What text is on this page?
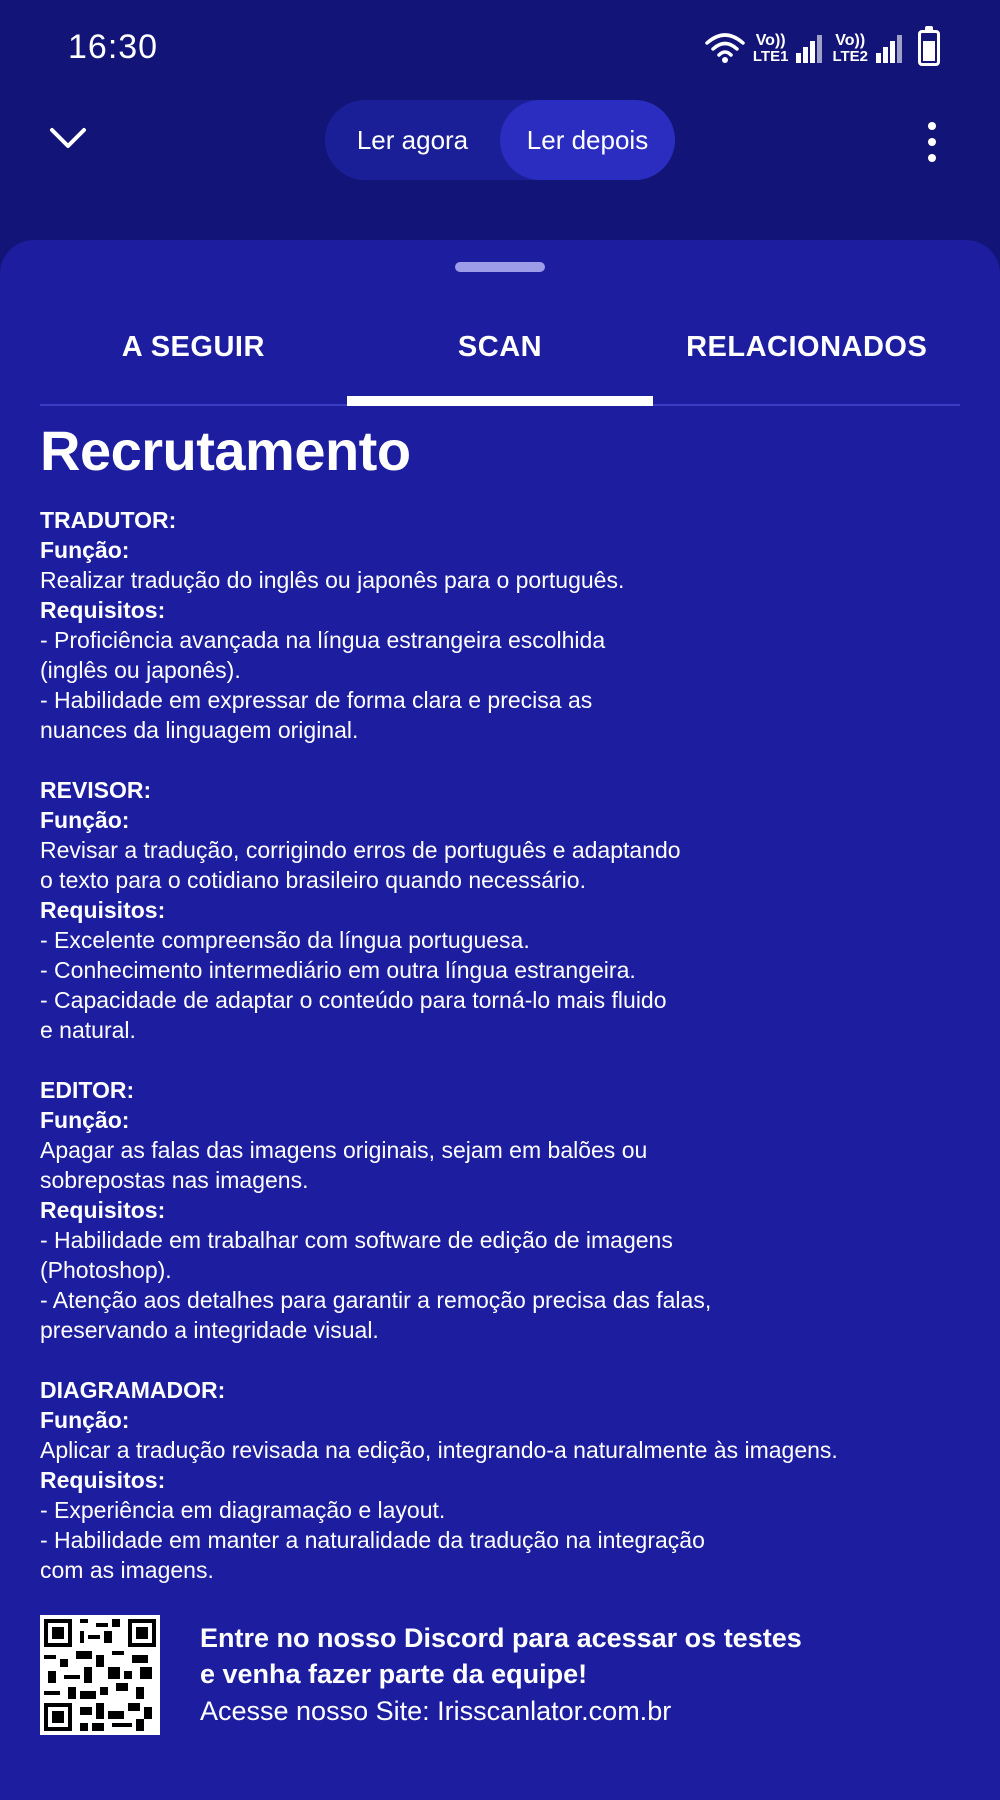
16:30	Vo))
LTE1
Vo))
LTE2
Ler agora	Ler depois
A SEGUIR	SCAN	RELACIONADOS
Recrutamento
TRADUTOR:
Função:
Realizar tradução do inglês ou japonês para o português.
Requisitos:
- Proficiência avançada na língua estrangeira escolhida
(inglês ou japonês).
- Habilidade em expressar de forma clara e precisa as
nuances da linguagem original.
REVISOR:
Função:
Revisar a tradução, corrigindo erros de português e adaptando
o texto para o cotidiano brasileiro quando necessário.
Requisitos:
- Excelente compreensão da língua portuguesa.
- Conhecimento intermediário em outra língua estrangeira.
- Capacidade de adaptar o conteúdo para torná-lo mais fluido
e natural.
EDITOR:
Função:
Apagar as falas das imagens originais, sejam em balões ou
sobrepostas nas imagens.
Requisitos:
- Habilidade em trabalhar com software de edição de imagens
(Photoshop).
- Atenção aos detalhes para garantir a remoção precisa das falas,
preservando a integridade visual.
DIAGRAMADOR:
Função:
Aplicar a tradução revisada na edição, integrando-a naturalmente às imagens.
Requisitos:
- Experiência em diagramação e layout.
- Habilidade em manter a naturalidade da tradução na integração
com as imagens.
Entre no nosso Discord para acessar os testes
e venha fazer parte da equipe!
Acesse nosso Site: Irisscanlator.com.br
